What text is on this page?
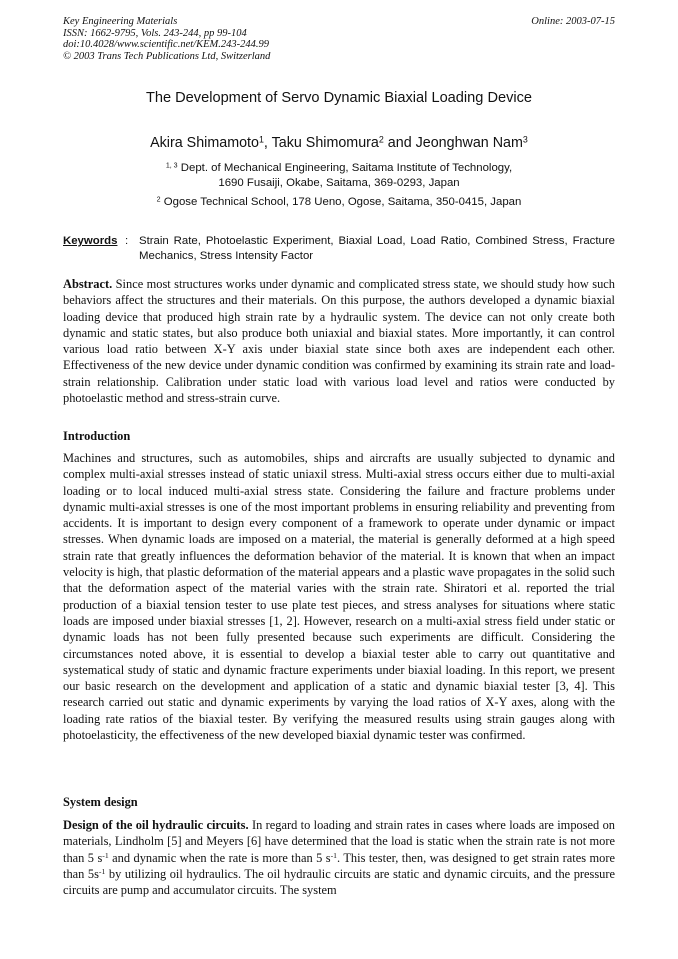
Key Engineering Materials
ISSN: 1662-9795, Vols. 243-244, pp 99-104
doi:10.4028/www.scientific.net/KEM.243-244.99
© 2003 Trans Tech Publications Ltd, Switzerland
Online: 2003-07-15
The Development of Servo Dynamic Biaxial Loading Device
Akira Shimamoto$^1$, Taku Shimomura$^2$ and Jeonghwan Nam$^3$
$^{1, 3}$ Dept. of Mechanical Engineering, Saitama Institute of Technology,
1690 Fusaiji, Okabe, Saitama, 369-0293, Japan
$^2$ Ogose Technical School, 178 Ueno, Ogose, Saitama, 350-0415, Japan
Keywords : Strain Rate, Photoelastic Experiment, Biaxial Load, Load Ratio, Combined Stress, Fracture Mechanics, Stress Intensity Factor

Abstract. Since most structures works under dynamic and complicated stress state, we should study how such behaviors affect the structures and their materials. On this purpose, the authors developed a dynamic biaxial loading device that produced high strain rate by a hydraulic system. The device can not only create both dynamic and static states, but also produce both uniaxial and biaxial states. More importantly, it can control various load ratio between X-Y axis under biaxial state since both axes are independent each other. Effectiveness of the new device under dynamic condition was confirmed by examining its strain rate and load-strain relationship. Calibration under static load with various load level and ratios were conducted by photoelastic method and stress-strain curve.

Introduction

Machines and structures, such as automobiles, ships and aircrafts are usually subjected to dynamic and complex multi-axial stresses instead of static uniaxil stress. Multi-axial stress occurs either due to multi-axial loading or to local induced multi-axial stress state. Considering the failure and fracture problems under dynamic multi-axial stresses is one of the most important problems in ensuring reliability and preventing from accidents. It is important to design every component of a framework to operate under dynamic or impact stresses. When dynamic loads are imposed on a material, the material is generally deformed at a high speed strain rate that greatly influences the deformation behavior of the material. It is known that when an impact velocity is high, that plastic deformation of the material appears and a plastic wave propagates in the solid such that the deformation aspect of the material varies with the strain rate. Shiratori et al. reported the trial production of a biaxial tension tester to use plate test pieces, and stress analyses for situations where static loads are imposed under biaxial stresses [1, 2]. However, research on a multi-axial stress field under static or dynamic loads has not been fully presented because such experiments are difficult. Considering the circumstances noted above, it is essential to develop a biaxial tester able to carry out quantitative and systematical study of static and dynamic fracture experiments under biaxial loading. In this report, we present our basic research on the development and application of a static and dynamic biaxial tester [3, 4]. This research carried out static and dynamic experiments by varying the load ratios of X-Y axes, along with the loading rate ratios of the biaxial tester. By verifying the measured results using strain gauges along with photoelasticity, the effectiveness of the new developed biaxial dynamic tester was confirmed.

System design

Design of the oil hydraulic circuits. In regard to loading and strain rates in cases where loads are imposed on materials, Lindholm [5] and Meyers [6] have determined that the load is static when the strain rate is not more than 5 $s^{-1}$ and dynamic when the rate is more than 5 $s^{-1}$. This tester, then, was designed to get strain rates more than $5s^{-1}$ by utilizing oil hydraulics. The oil hydraulic circuits are static and dynamic circuits, and the pressure circuits are pump and accumulator circuits. The system
